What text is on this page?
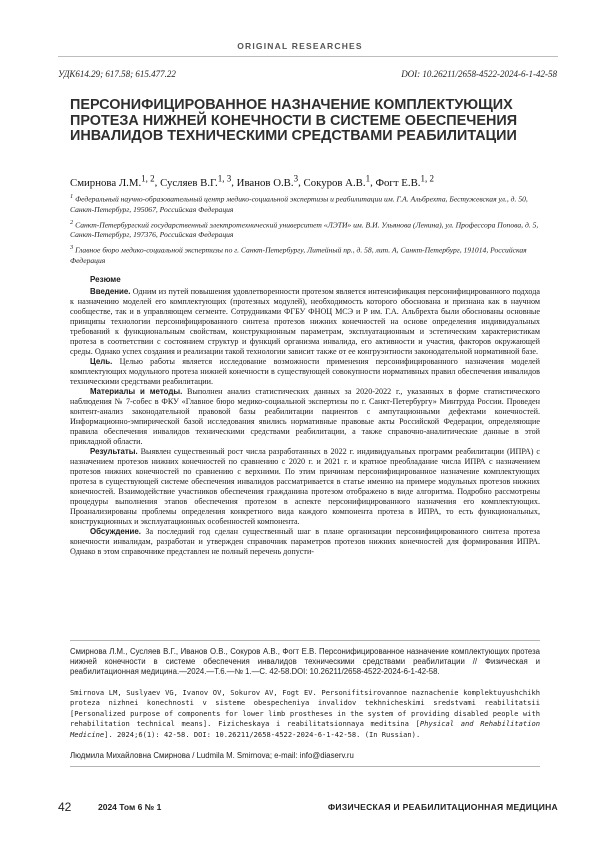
ORIGINAL RESEARCHES
УДК614.29; 617.58; 615.477.22	DOI: 10.26211/2658-4522-2024-6-1-42-58
ПЕРСОНИФИЦИРОВАННОЕ НАЗНАЧЕНИЕ КОМПЛЕКТУЮЩИХ ПРОТЕЗА НИЖНЕЙ КОНЕЧНОСТИ В СИСТЕМЕ ОБЕСПЕЧЕНИЯ ИНВАЛИДОВ ТЕХНИЧЕСКИМИ СРЕДСТВАМИ РЕАБИЛИТАЦИИ
Смирнова Л.М.$^{1, 2}$, Сусляев В.Г.$^{1, 3}$, Иванов О.В.$^3$, Сокуров А.В.$^1$, Фогт Е.В.$^{1, 2}$
$^1$ Федеральный научно-образовательный центр медико-социальной экспертизы и реабилитации им. Г.А. Альбрехта, Бестужевская ул., д. 50, Санкт-Петербург, 195067, Российская Федерация
$^2$ Санкт-Петербургский государственный электротехнический университет «ЛЭТИ» им. В.И. Ульянова (Ленина), ул. Профессора Попова, д. 5, Санкт-Петербург, 197376, Российская Федерация
$^3$ Главное бюро медико-социальной экспертизы по г. Санкт-Петербургу, Литейный пр., д. 58, лит. А, Санкт-Петербург, 191014, Российская Федерация
Резюме

Введение. Одним из путей повышения удовлетворенности протезом является интенсификация персонифицированного подхода к назначению моделей его комплектующих (протезных модулей), необходимость которого обоснована и признана как в научном сообществе, так и в управляющем сегменте. Сотрудниками ФГБУ ФНОЦ МСЭ и Р им. Г.А. Альбрехта были обоснованы основные принципы технологии персонифицированного синтеза протезов нижних конечностей на основе определения индивидуальных требований к функциональным свойствам, конструкционным параметрам, эксплуатационным и эстетическим характеристикам протеза в соответствии с состоянием структур и функций организма инвалида, его активности и участия, факторов окружающей среды. Однако успех создания и реализации такой технологии зависит также от ее конгруэнтности законодательной нормативной базе.

Цель. Целью работы является исследование возможности применения персонифицированного назначения моделей комплектующих модульного протеза нижней конечности в существующей совокупности нормативных правил обеспечения инвалидов техническими средствами реабилитации.

Материалы и методы. Выполнен анализ статистических данных за 2020-2022 г., указанных в форме статистического наблюдения № 7-собес в ФКУ «Главное бюро медико-социальной экспертизы по г. Санкт-Петербургу» Минтруда России. Проведен контент-анализ законодательной правовой базы реабилитации пациентов с ампутационными дефектами конечностей. Информационно-эмпирической базой исследования явились нормативные правовые акты Российской Федерации, определяющие правила обеспечения инвалидов техническими средствами реабилитации, а также справочно-аналитические данные в этой прикладной области.

Результаты. Выявлен существенный рост числа разработанных в 2022 г. индивидуальных программ реабилитации (ИПРА) с назначением протезов нижних конечностей по сравнению с 2020 г. и 2021 г. и кратное преобладание числа ИПРА с назначением протезов нижних конечностей по сравнению с верхними. По этим причинам персонифицированное назначение комплектующих протеза в существующей системе обеспечения инвалидов рассматривается в статье именно на примере модульных протезов нижних конечностей. Взаимодействие участников обеспечения гражданина протезом отображено в виде алгоритма. Подробно рассмотрены процедуры выполнения этапов обеспечения протезом в аспекте персонифицированного назначения его комплектующих. Проанализированы проблемы определения конкретного вида каждого компонента протеза в ИПРА, то есть функциональных, конструкционных и эксплуатационных особенностей компонента.

Обсуждение. За последний год сделан существенный шаг в плане организации персонифицированного синтеза протеза конечности инвалидам, разработан и утвержден справочник параметров протезов нижних конечностей для формирования ИПРА. Однако в этом справочнике представлен не полный перечень допусти-

Смирнова Л.М., Сусляев В.Г., Иванов О.В., Сокуров А.В., Фогт Е.В. Персонифицированное назначение комплектующих протеза нижней конечности в системе обеспечения инвалидов техническими средствами реабилитации // Физическая и реабилитационная медицина.—2024.—Т.6.—№ 1.—С. 42-58.DOI: 10.26211/2658-4522-2024-6-1-42-58.
Smirnova LM, Suslyaev VG, Ivanov OV, Sokurov AV, Fogt EV. Personifitsirovannoe naznachenie komplektuyushchikh proteza nizhnei konechnosti v sisteme obespecheniya invalidov tekhnicheskimi sredstvami reabilitatsii [Personalized purpose of components for lower limb prostheses in the system of providing disabled people with rehabilitation technical means]. Fizicheskaya i reabilitatsionnaya meditsina [Physical and Rehabilitation Medicine]. 2024;6(1): 42-58. DOI: 10.26211/2658-4522-2024-6-1-42-58. (In Russian).
Людмила Михайловна Смирнова / Ludmila M. Smirnova; e-mail: info@diaserv.ru
42	2024 Том 6 № 1	ФИЗИЧЕСКАЯ И РЕАБИЛИТАЦИОННАЯ МЕДИЦИНА
